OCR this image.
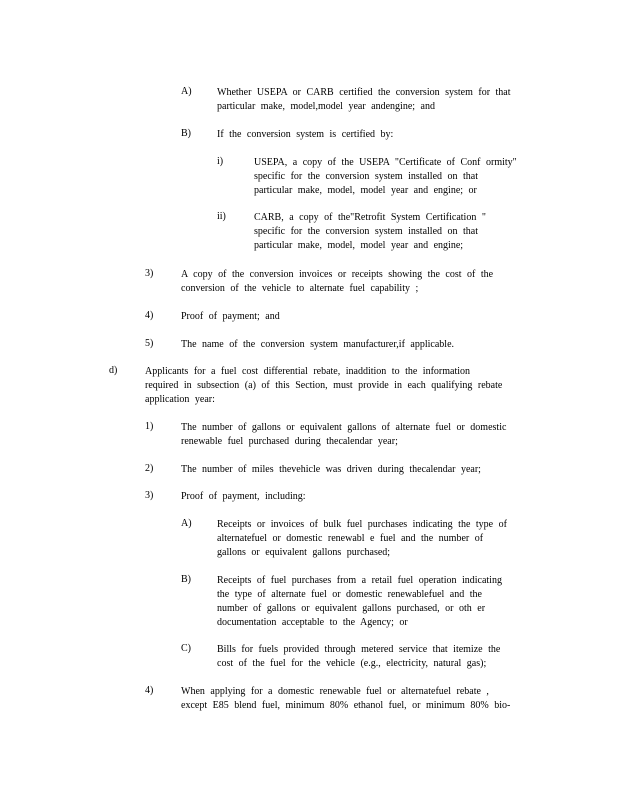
A)	Whether USEPA or CARB certified the conversion system for that
particular make, model,model year andengine; and
B)	If the conversion system is certified by:
i)	USEPA, a copy of the USEPA "Certificate of Conf ormity"
specific for the conversion system installed on that
particular make, model, model year and engine; or
ii)	CARB, a copy of the"Retrofit System Certification "
specific for the conversion system installed on that
particular make, model, model year and engine;
3)	A copy of the conversion invoices or receipts showing the cost of the
conversion of the vehicle to alternate fuel capability ;
4)	Proof of payment; and
5)	The name of the conversion system manufacturer,if applicable.
d)	Applicants for a fuel cost differential rebate, inaddition to the information
required in subsection (a) of this Section, must provide in each qualifying rebate
application year:
1)	The number of gallons or equivalent gallons of alternate fuel or domestic
renewable fuel purchased during thecalendar year;
2)	The number of miles thevehicle was driven during thecalendar year;
3)	Proof of payment, including:
A)	Receipts or invoices of bulk fuel purchases indicating the type of
alternatefuel or domestic renewabl e fuel and the number of
gallons or equivalent gallons purchased;
B)	Receipts of fuel purchases from a retail fuel operation indicating
the type of alternate fuel or domestic renewablefuel and the
number of gallons or equivalent gallons purchased, or oth er
documentation acceptable to the Agency; or
C)	Bills for fuels provided through metered service that itemize the
cost of the fuel for the vehicle (e.g., electricity, natural gas);
4)	When applying for a domestic renewable fuel or alternatefuel rebate ,
except E85 blend fuel, minimum 80% ethanol fuel, or minimum 80% bio-
